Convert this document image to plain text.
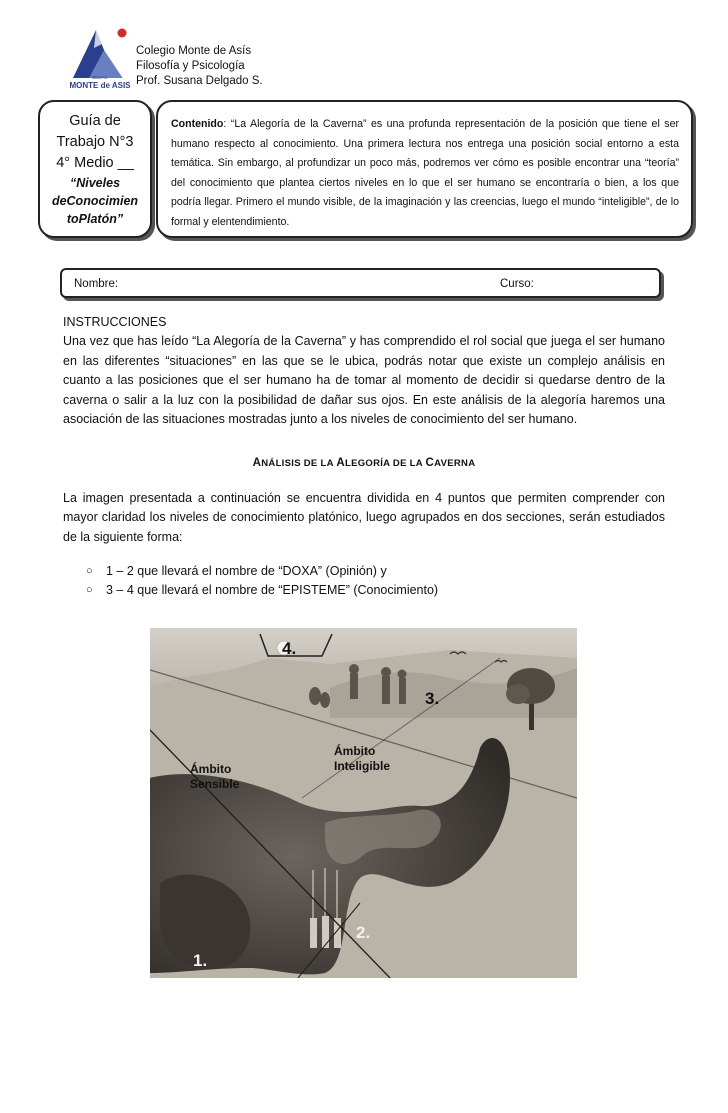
BEDAC
MONTE de ASIS
Colegio Monte de Asís
Filosofía y Psicología
Prof. Susana Delgado S.
Guía de
Trabajo N°3
4° Medio __
“Niveles
deConocimien
toPlatón”
Contenido: “La Alegoría de la Caverna” es una profunda representación de la posición que tiene el ser humano respecto al conocimiento. Una primera lectura nos entrega una posición social entorno a esta temática. Sin embargo, al profundizar un poco más, podremos ver cómo es posible encontrar una “teoría” del conocimiento que plantea ciertos niveles en lo que el ser humano se encontraría o bien, a los que podría llegar. Primero el mundo visible, de la imaginación y las creencias, luego el mundo “inteligible”, de lo formal y elentendimiento.
Nombre:	Curso:
INSTRUCCIONES
Una vez que has leído “La Alegoría de la Caverna” y has comprendido el rol social que juega el ser humano en las diferentes “situaciones” en las que se le ubica, podrás notar que existe un complejo análisis en cuanto a las posiciones que el ser humano ha de tomar al momento de decidir si quedarse dentro de la caverna o salir a la luz con la posibilidad de dañar sus ojos. En este análisis de la alegoría haremos una asociación de las situaciones mostradas junto a los niveles de conocimiento del ser humano.
ANÁLISIS DE LA ALEGORÍA DE LA CAVERNA
La imagen presentada a continuación se encuentra dividida en 4 puntos que permiten comprender con mayor claridad los niveles de conocimiento platónico, luego agrupados en dos secciones, serán estudiados de la siguiente forma:
○	1 – 2 que llevará el nombre de “DOXA” (Opinión) y
○	3 – 4 que llevará el nombre de “EPISTEME” (Conocimiento)
4.
3.
2.
1.
Ámbito
Sensible
Ámbito
Inteligible
